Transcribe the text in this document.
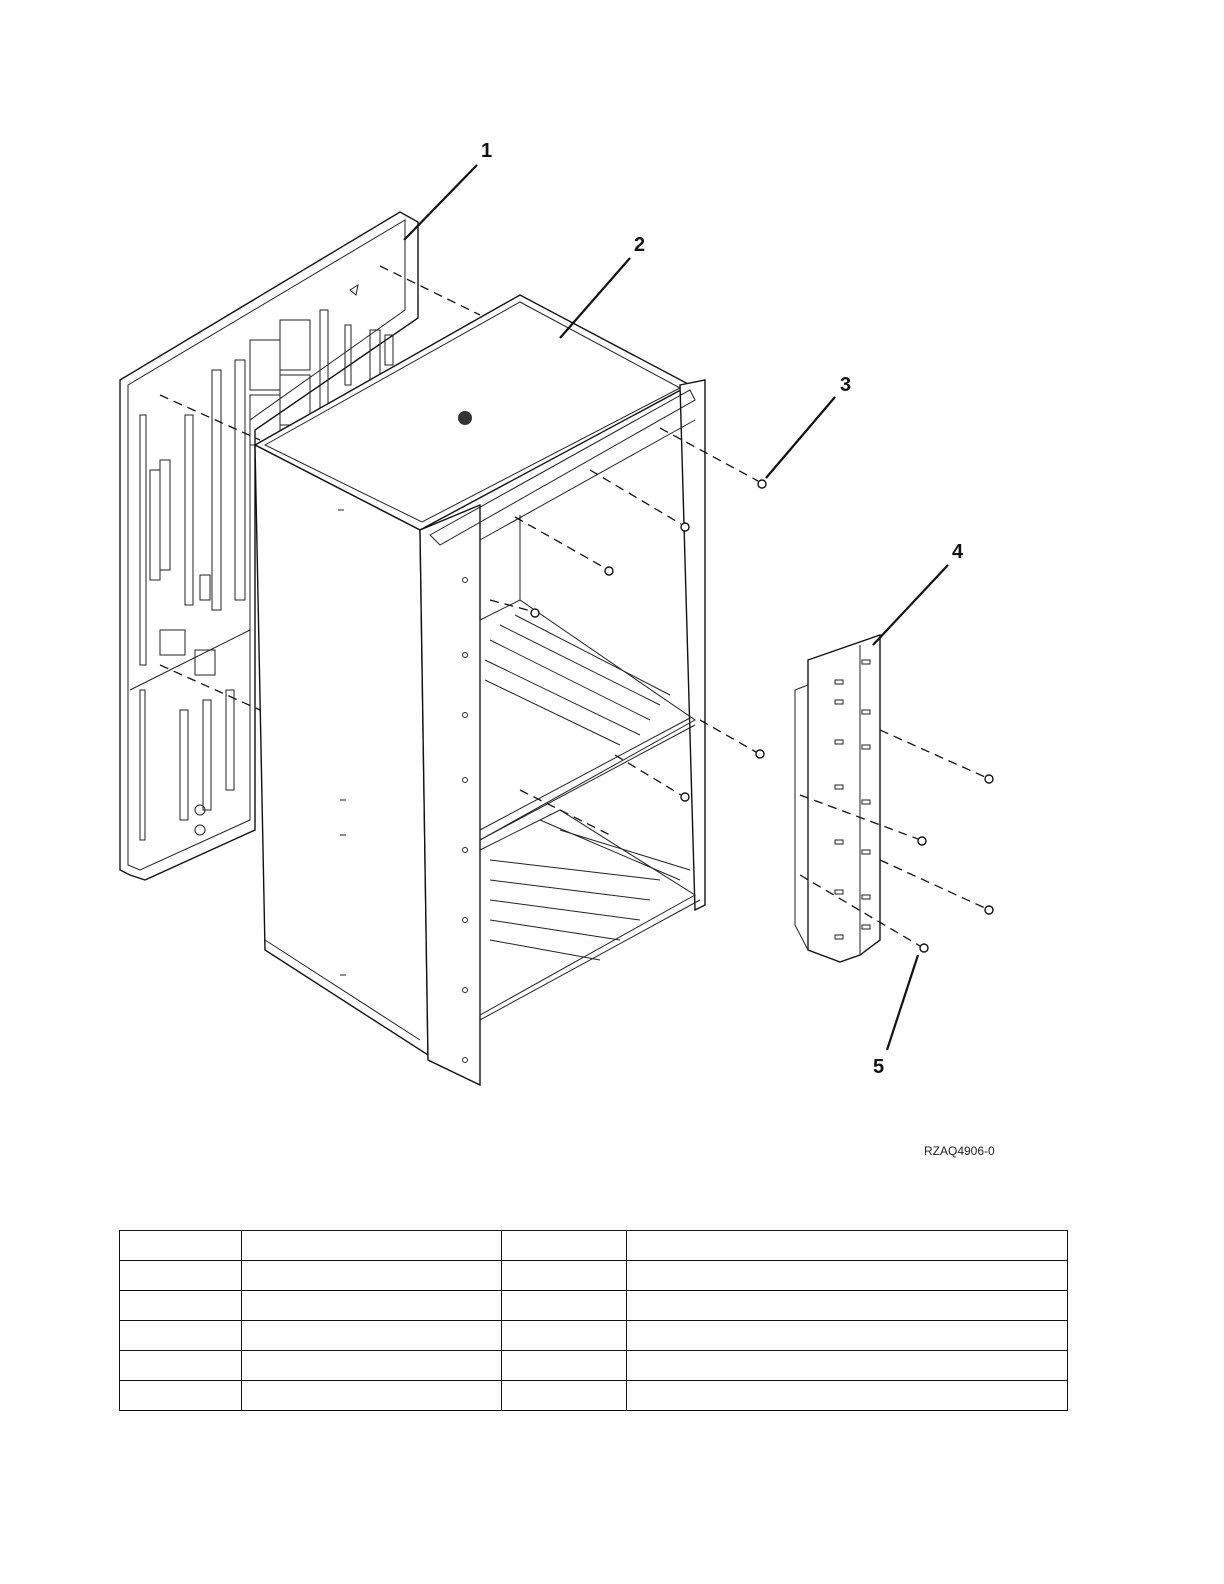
1
2
3
4
5
RZAQ4906-0
